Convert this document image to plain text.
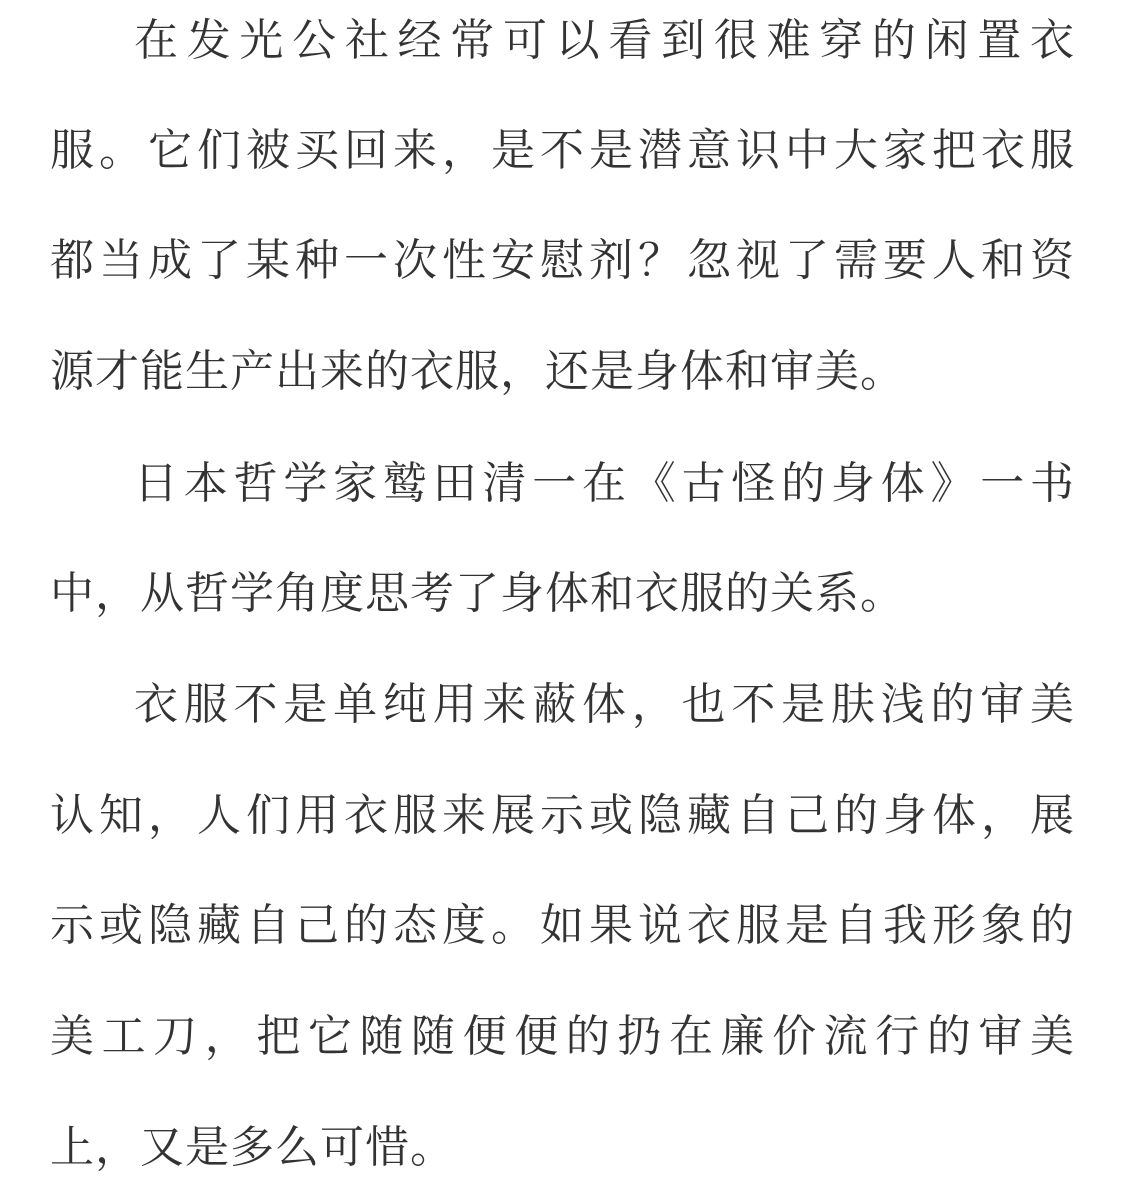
在发光公社经常可以看到很难穿的闲置衣
服。它们被买回来，是不是潜意识中大家把衣服
都当成了某种一次性安慰剂？忽视了需要人和资
源才能生产出来的衣服，还是身体和审美。
日本哲学家鹫田清一在《古怪的身体》一书
中，从哲学角度思考了身体和衣服的关系。
衣服不是单纯用来蔽体，也不是肤浅的审美
认知，人们用衣服来展示或隐藏自己的身体，展
示或隐藏自己的态度。如果说衣服是自我形象的
美工刀，把它随随便便的扔在廉价流行的审美
上，又是多么可惜。
